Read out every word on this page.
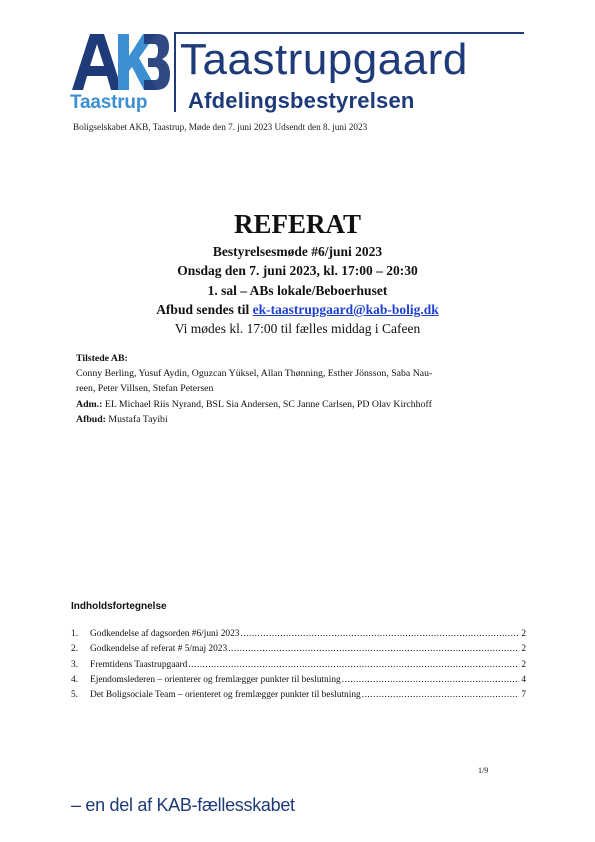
Taastrup
Taastrupgaard
Afdelingsbestyrelsen
Boligselskabet AKB, Taastrup, Møde den 7. juni 2023 Udsendt den 8. juni 2023
REFERAT
Bestyrelsesmøde #6/juni 2023
Onsdag den 7. juni 2023, kl. 17:00 – 20:30
1. sal – ABs lokale/Beboerhuset
Afbud sendes til ek-taastrupgaard@kab-bolig.dk
Vi mødes kl. 17:00 til fælles middag i Cafeen
Tilstede AB:
Conny Berling, Yusuf Aydin, Oguzcan Yüksel, Allan Thønning, Esther Jönsson, Saba Nau-
reen, Peter Villsen, Stefan Petersen
Adm.: EL Michael Riis Nyrand, BSL Sia Andersen, SC Janne Carlsen, PD Olav Kirchhoff
Afbud: Mustafa Tayibi
Indholdsfortegnelse
1.	Godkendelse af dagsorden #6/juni 2023 .....	2
2.	Godkendelse af referat # 5/maj 2023 .....	2
3.	Fremtidens Taastrupgaard .....	2
4.	Ejendomslederen – orienterer og fremlægger punkter til beslutning .....	4
5.	Det Boligsociale Team – orienteret og fremlægger punkter til beslutning .....	7
1/9
– en del af KAB-fællesskabet
